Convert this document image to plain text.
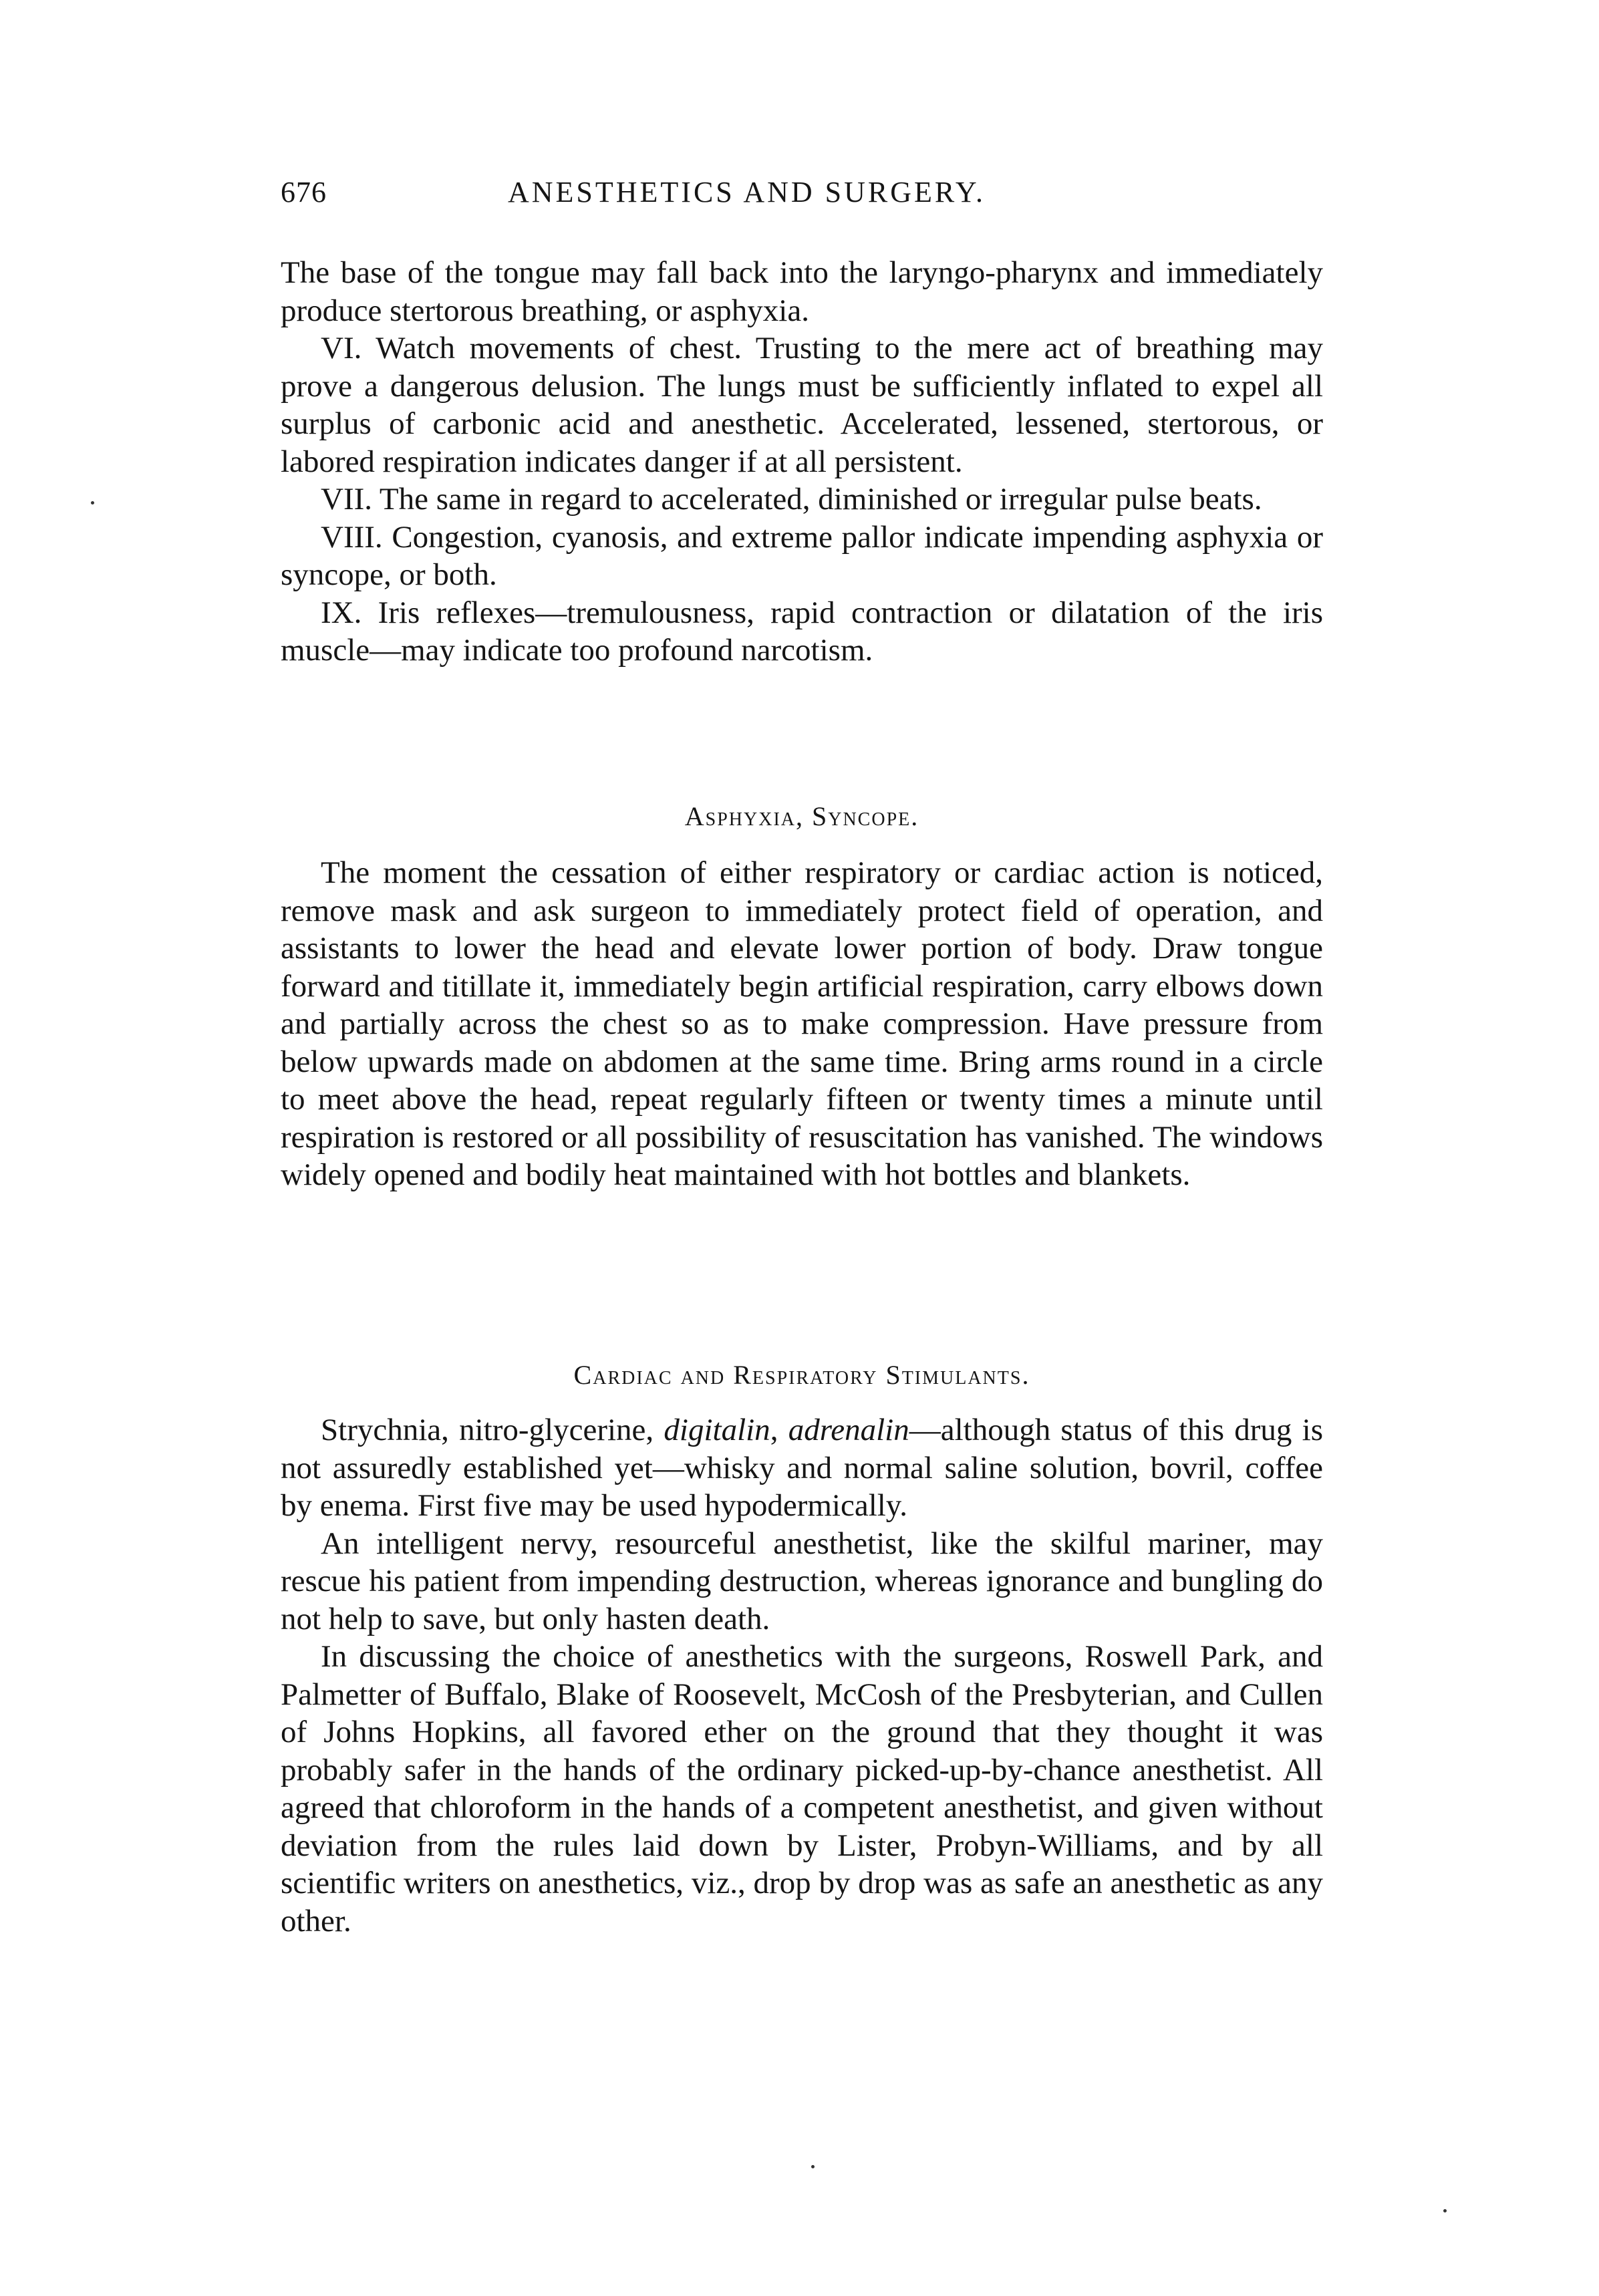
676	ANESTHETICS AND SURGERY.

The base of the tongue may fall back into the laryngo-pharynx and immediately produce stertorous breathing, or asphyxia.

VI. Watch movements of chest. Trusting to the mere act of breathing may prove a dangerous delusion. The lungs must be sufficiently inflated to expel all surplus of carbonic acid and anesthetic. Accelerated, lessened, stertorous, or labored respiration indicates danger if at all persistent.

VII. The same in regard to accelerated, diminished or irregular pulse beats.

VIII. Congestion, cyanosis, and extreme pallor indicate impending asphyxia or syncope, or both.

IX. Iris reflexes—tremulousness, rapid contraction or dilatation of the iris muscle—may indicate too profound narcotism.

Asphyxia, Syncope.

The moment the cessation of either respiratory or cardiac action is noticed, remove mask and ask surgeon to immediately protect field of operation, and assistants to lower the head and elevate lower portion of body. Draw tongue forward and titillate it, immediately begin artificial respiration, carry elbows down and partially across the chest so as to make compression. Have pressure from below upwards made on abdomen at the same time. Bring arms round in a circle to meet above the head, repeat regularly fifteen or twenty times a minute until respiration is restored or all possibility of resuscitation has vanished. The windows widely opened and bodily heat maintained with hot bottles and blankets.

Cardiac and Respiratory Stimulants.

Strychnia, nitro-glycerine, digitalin, adrenalin—although status of this drug is not assuredly established yet—whisky and normal saline solution, bovril, coffee by enema. First five may be used hypodermically.

An intelligent nervy, resourceful anesthetist, like the skilful mariner, may rescue his patient from impending destruction, whereas ignorance and bungling do not help to save, but only hasten death.

In discussing the choice of anesthetics with the surgeons, Roswell Park, and Palmetter of Buffalo, Blake of Roosevelt, McCosh of the Presbyterian, and Cullen of Johns Hopkins, all favored ether on the ground that they thought it was probably safer in the hands of the ordinary picked-up-by-chance anesthetist. All agreed that chloroform in the hands of a competent anesthetist, and given without deviation from the rules laid down by Lister, Probyn-Williams, and by all scientific writers on anesthetics, viz., drop by drop was as safe an anesthetic as any other.
